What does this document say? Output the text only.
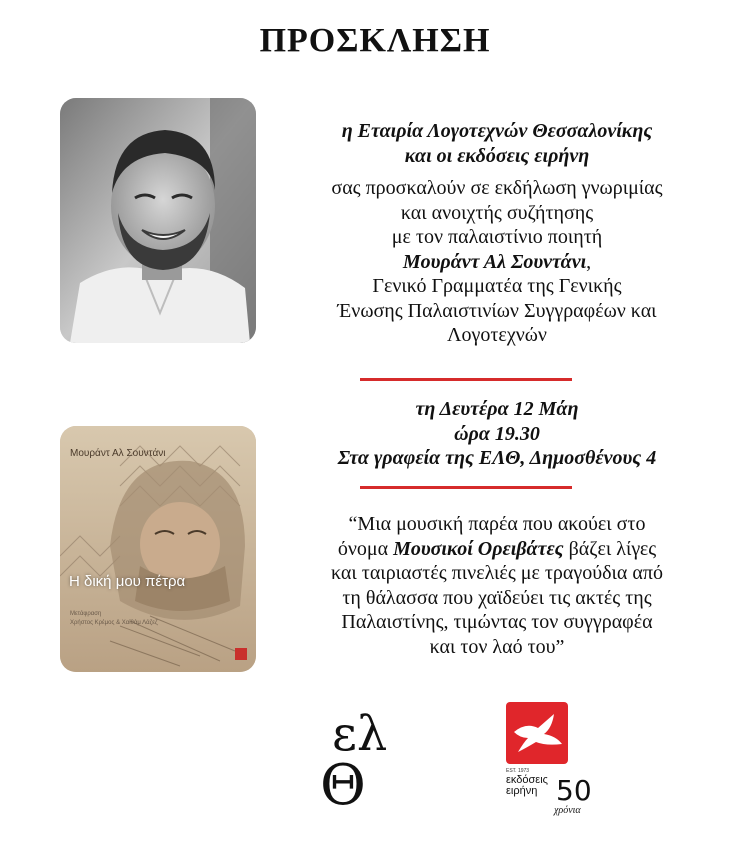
ΠΡΟΣΚΛΗΣΗ
η Εταιρία Λογοτεχνών Θεσσαλονίκης
και οι εκδόσεις ειρήνη
σας προσκαλούν σε εκδήλωση γνωριμίας
και ανοιχτής συζήτησης
με τον παλαιστίνιο ποιητή
Μουράντ Αλ Σουντάνι,
Γενικό Γραμματέα της Γενικής
Ένωσης Παλαιστινίων Συγγραφέων και
Λογοτεχνών
τη Δευτέρα 12 Μάη
ώρα 19.30
Στα γραφεία της ΕΛΘ, Δημοσθένους 4
Μουράντ Αλ Σουντάνι
Η δική μου πέτρα
Μετάφραση
Χρήστος Κρέμος & Χαϊθάμ Λάζεζ
“Μια μουσική παρέα που ακούει στο
όνομα Μουσικοί Ορειβάτες βάζει λίγες
και ταιριαστές πινελιές με τραγούδια από
τη θάλασσα που χαϊδεύει τις ακτές της
Παλαιστίνης, τιμώντας τον συγγραφέα
και τον λαό του”
ελ
Θ	EST. 1973
εκδόσεις
ειρήνη 50
χρόνια
